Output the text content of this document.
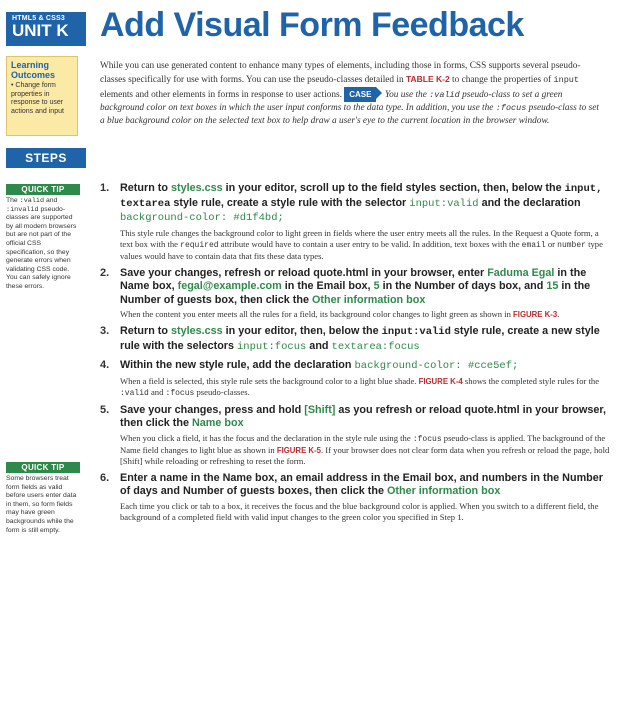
HTML5 & CSS3
UNIT K Add Visual Form Feedback
Learning Outcomes
• Change form properties in response to user actions and input
STEPS
While you can use generated content to enhance many types of elements, including those in forms, CSS supports several pseudo-classes specifically for use with forms. You can use the pseudo-classes detailed in TABLE K-2 to change the properties of input elements and other elements in forms in response to user actions. CASE You use the :valid pseudo-class to set a green background color on text boxes in which the user input conforms to the data type. In addition, you use the :focus pseudo-class to set a blue background color on the selected text box to help draw a user's eye to the current location in the browser window.
QUICK TIP
The :valid and :invalid pseudo-classes are supported by all modern browsers but are not part of the official CSS specification, so they generate errors when validating CSS code. You can safely ignore these errors.
QUICK TIP
Some browsers treat form fields as valid before users enter data in them, so form fields may have green backgrounds while the form is still empty.
1. Return to styles.css in your editor, scroll up to the field styles section, then, below the input, textarea style rule, create a style rule with the selector input:valid and the declaration background-color: #d1f4bd;
This style rule changes the background color to light green in fields where the user entry meets all the rules. In the Request a Quote form, a text box with the required attribute would have to contain a user entry to be valid. In addition, text boxes with the email or number type values would have to contain data that fits these data types.
2. Save your changes, refresh or reload quote.html in your browser, enter Faduma Egal in the Name box, fegal@example.com in the Email box, 5 in the Number of days box, and 15 in the Number of guests box, then click the Other information box
When the content you enter meets all the rules for a field, its background color changes to light green as shown in FIGURE K-3.
3. Return to styles.css in your editor, then, below the input:valid style rule, create a new style rule with the selectors input:focus and textarea:focus
4. Within the new style rule, add the declaration background-color: #cce5ef;
When a field is selected, this style rule sets the background color to a light blue shade. FIGURE K-4 shows the completed style rules for the :valid and :focus pseudo-classes.
5. Save your changes, press and hold [Shift] as you refresh or reload quote.html in your browser, then click the Name box
When you click a field, it has the focus and the declaration in the style rule using the :focus pseudo-class is applied. The background of the Name field changes to light blue as shown in FIGURE K-5. If your browser does not clear form data when you refresh or reload the page, hold [Shift] while reloading or refreshing to reset the form.
6. Enter a name in the Name box, an email address in the Email box, and numbers in the Number of days and Number of guests boxes, then click the Other information box
Each time you click or tab to a box, it receives the focus and the blue background color is applied. When you switch to a different field, the background of a completed field with valid input changes to the green color you specified in Step 1.
